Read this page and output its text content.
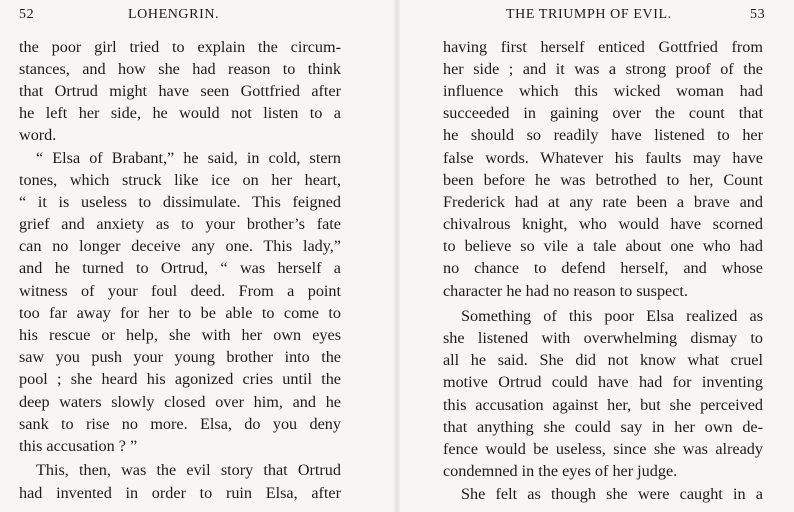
52	LOHENGRIN.
the poor girl tried to explain the circum-
stances, and how she had reason to think
that Ortrud might have seen Gottfried after
he left her side, he would not listen to a
word.
“ Elsa of Brabant,” he said, in cold, stern
tones, which struck like ice on her heart,
“ it is useless to dissimulate. This feigned
grief and anxiety as to your brother’s fate
can no longer deceive any one. This lady,”
and he turned to Ortrud, “ was herself a
witness of your foul deed. From a point
too far away for her to be able to come to
his rescue or help, she with her own eyes
saw you push your young brother into the
pool ; she heard his agonized cries until the
deep waters slowly closed over him, and he
sank to rise no more. Elsa, do you deny
this accusation ? ”
This, then, was the evil story that Ortrud
had invented in order to ruin Elsa, after
THE TRIUMPH OF EVIL.	53
having first herself enticed Gottfried from
her side ; and it was a strong proof of the
influence which this wicked woman had
succeeded in gaining over the count that
he should so readily have listened to her
false words. Whatever his faults may have
been before he was betrothed to her, Count
Frederick had at any rate been a brave and
chivalrous knight, who would have scorned
to believe so vile a tale about one who had
no chance to defend herself, and whose
character he had no reason to suspect.
Something of this poor Elsa realized as
she listened with overwhelming dismay to
all he said. She did not know what cruel
motive Ortrud could have had for inventing
this accusation against her, but she perceived
that anything she could say in her own de-
fence would be useless, since she was already
condemned in the eyes of her judge.
She felt as though she were caught in a
